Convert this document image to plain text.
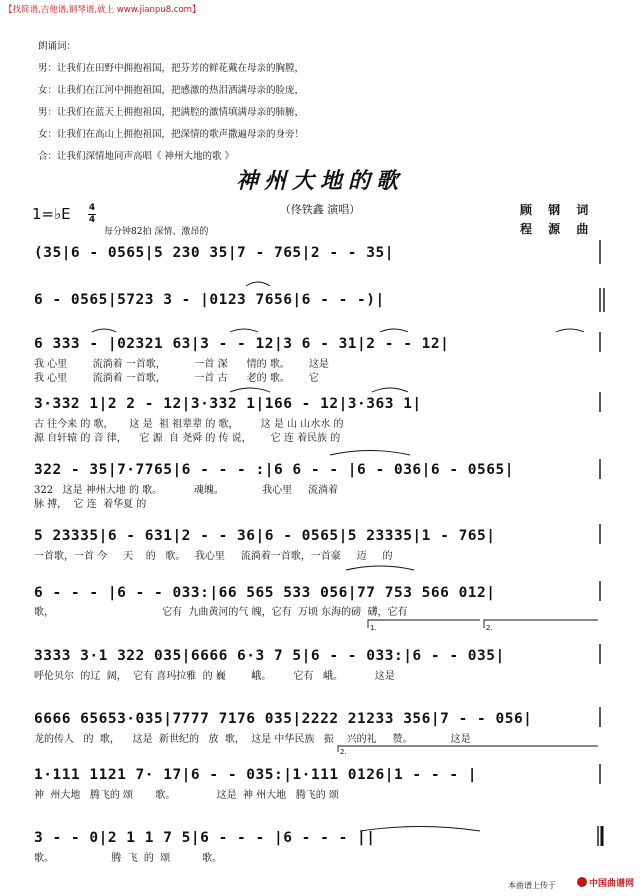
【找简谱,吉他谱,钢琴谱,就上 www.jianpu8.com】
朗诵词：
男：让我们在田野中拥抱祖国，把芬芳的鲜花戴在母亲的胸膛，
女：让我们在江河中拥抱祖国，把感激的热泪洒满母亲的脸庞，
男：让我们在蓝天上拥抱祖国，把满腔的激情填满母亲的肺腑，
女：让我们在高山上拥抱祖国，把深情的歌声撒遍母亲的身旁！
合：让我们深情地同声高唱《 神州大地的歌 》
神州大地的歌
（佟铁鑫 演唱）	顾 钢 词
程 源 曲
1=♭E 4
4
每分钟82拍 深情、激昂的
(35|6 - 0565|5 230 35|7 - 765|2 - - 35|
6 - 0565|5723 3 - |0123 7656|6 - - -)|
6 333 - |02321 63|3 - - 12|3 6 - 31|2 - - 12|
我 心里        流淌着 一首歌，         一首 深      情的 歌。      这是
我 心里        流淌着 一首歌，         一首 古      老的 歌。      它
3·332 1|2 2 - 12|3·332 1|166 - 12|3·363 1|
古 往今来 的 歌，     这 是  祖 祖辈辈 的 歌，       这 是 山 山水水 的
源 自轩辕 的 音 律，    它 源  自 尧舜 的 传 说，      它 连 着民族 的
322 - 35|7·7765|6 - - - :|6 6 - - |6 - 036|6 - 0565|
322   这是 神州大地 的 歌。          魂魄。            我心里     流淌着
脉 搏，  它 连  着华夏 的
5 23335|6 - 631|2 - - 36|6 - 0565|5 23335|1 - 765|
一首歌，一首 今     天    的   歌。   我心里     流淌着一首歌，一首豪     迈     的
6 - - - |6 - - 033:|66 565 533 056|77 753 566 012|
歌，                                  它有  九曲黄河的气 魄，它有  万顷 东海的磅  礴，它有
3333 3·1 322 035|6666 6·3 7 5|6 - - 033:|6 - - 035|
呼伦贝尔  的辽  阔，  它有 喜玛拉雅  的 巍        峨。       它有   峨。          这是
6666 65653·035|7777 7176 035|2222 21233 356|7 - - 056|
龙的传人   的  歌，    这是  新世纪的   放  歌，  这是 中华民族   振    兴的礼     赞。            这是
1·111 1121 7· 17|6 - - 035:|1·111 0126|1 - - - |
神  州大地   腾飞的 颂       歌。             这是  神 州大地   腾飞的 颂
3 - - 0|2 1 1 7 5|6 - - - |6 - - - ||
歌。                  腾  飞  的  颂          歌。
1.	2.
2.
本曲谱上传于	中国曲谱网
